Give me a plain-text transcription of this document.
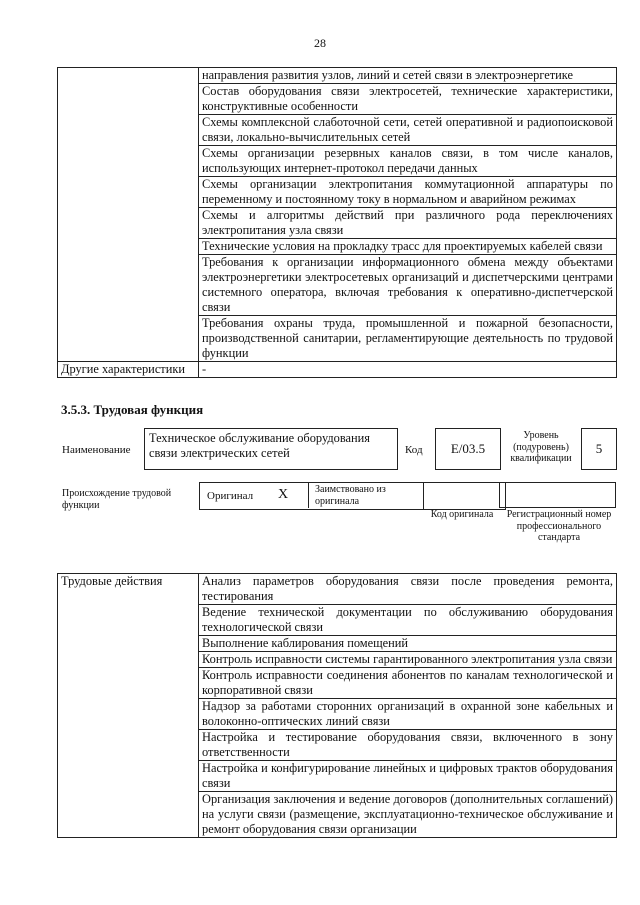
28
	направления развития узлов, линий и сетей связи в электроэнергетике
	Состав оборудования связи электросетей, технические характеристики, конструктивные особенности
	Схемы комплексной слаботочной сети, сетей оперативной и радиопоисковой связи, локально-вычислительных сетей
	Схемы организации резервных каналов связи, в том числе каналов, использующих интернет-протокол передачи данных
	Схемы организации электропитания коммутационной аппаратуры по переменному и постоянному току в нормальном и аварийном режимах
	Схемы и алгоритмы действий при различного рода переключениях электропитания узла связи
	Технические условия на прокладку трасс для проектируемых кабелей связи
	Требования к организации информационного обмена между объектами электроэнергетики электросетевых организаций и диспетчерскими центрами системного оператора, включая требования к оперативно-диспетчерской связи
	Требования охраны труда, промышленной и пожарной безопасности, производственной санитарии, регламентирующие деятельность по трудовой функции
Другие характеристики	-
3.5.3. Трудовая функция
Наименование
Техническое обслуживание оборудования связи электрических сетей	Код	E/03.5
Уровень (подуровень) квалификации
5
Происхождение трудовой функции
Оригинал X	Заимствовано из оригинала
Код оригинала	Регистрационный номер профессионального стандарта
Трудовые действия	Анализ параметров оборудования связи после проведения ремонта, тестирования
Ведение технической документации по обслуживанию оборудования технологической связи
Выполнение каблирования помещений
Контроль исправности системы гарантированного электропитания узла связи
Контроль исправности соединения абонентов по каналам технологической и корпоративной связи
Надзор за работами сторонних организаций в охранной зоне кабельных и волоконно-оптических линий связи
Настройка и тестирование оборудования связи, включенного в зону ответственности
Настройка и конфигурирование линейных и цифровых трактов оборудования связи
Организация заключения и ведение договоров (дополнительных соглашений) на услуги связи (размещение, эксплуатационно-техническое обслуживание и ремонт оборудования связи организации
